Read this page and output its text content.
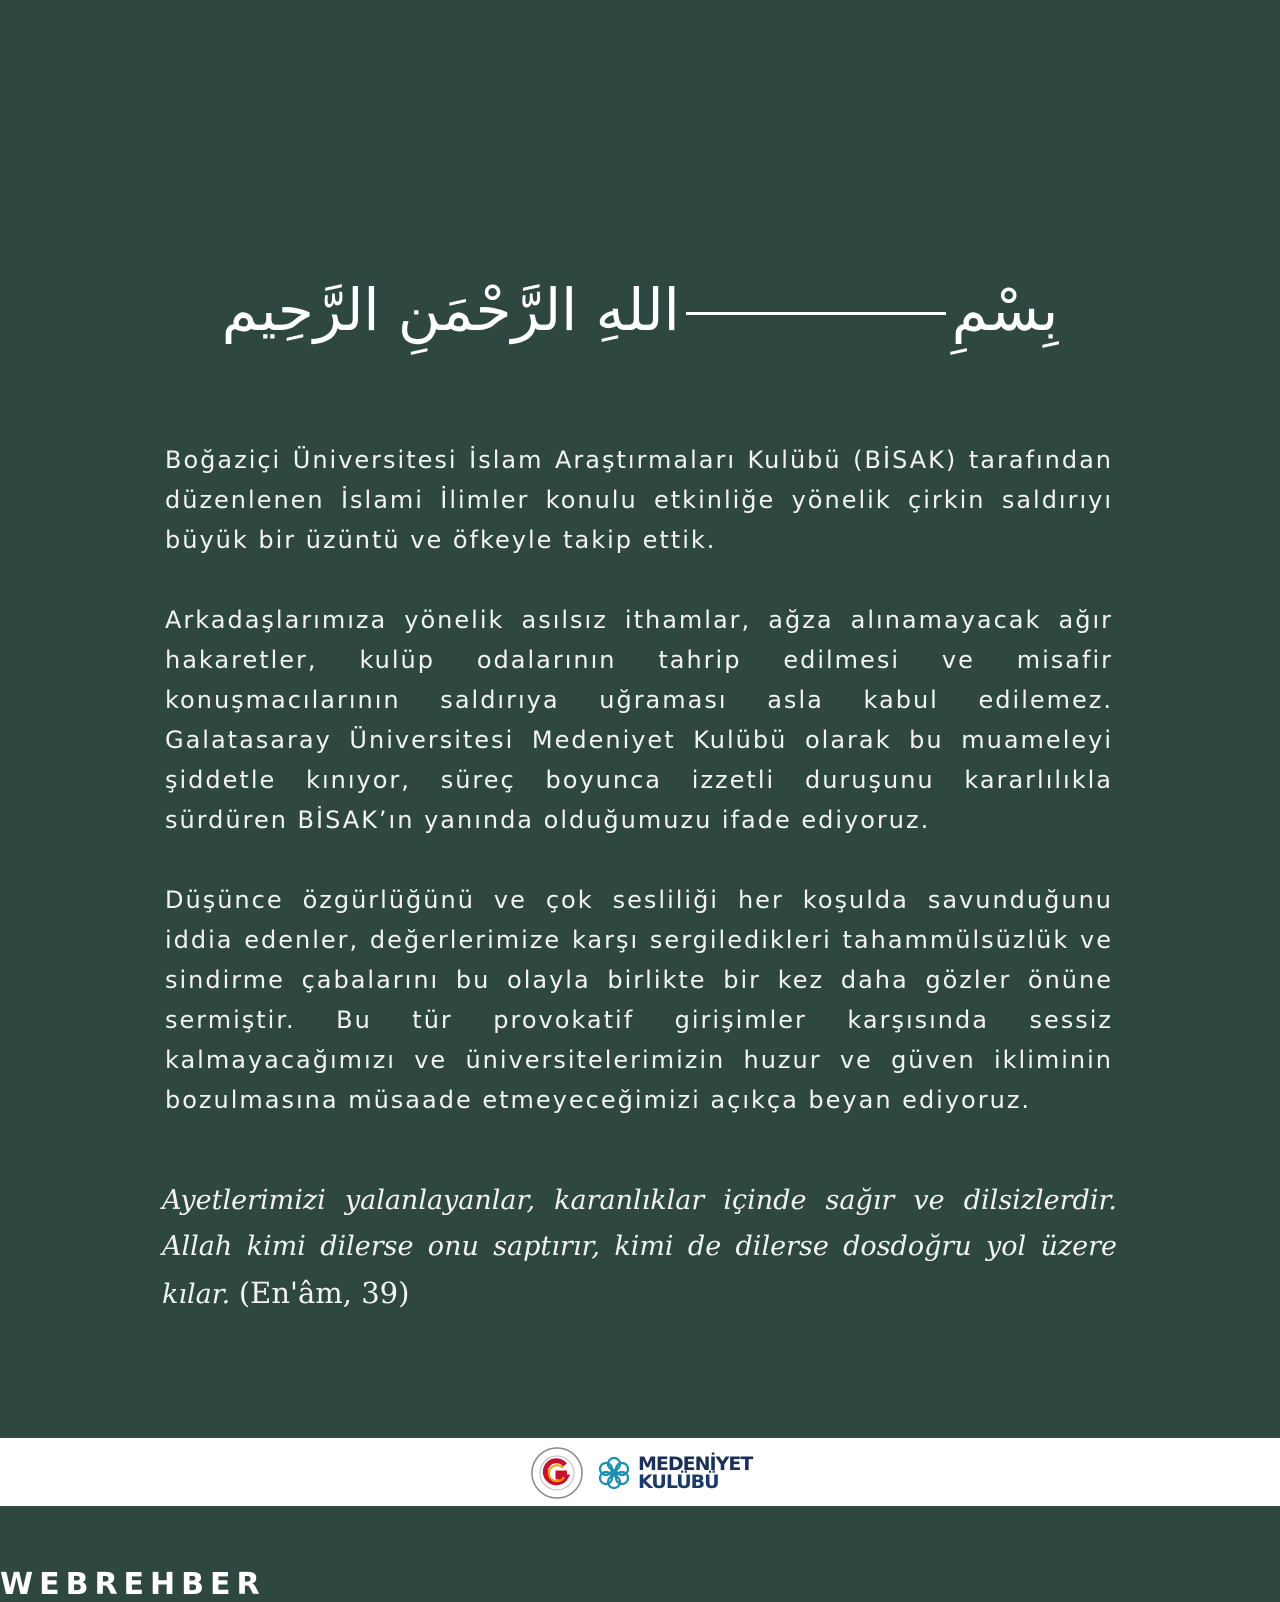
بِسْمِاللهِ الرَّحْمَنِ الرَّحِيم

Boğaziçi Üniversitesi İslam Araştırmaları Kulübü (BİSAK) tarafından düzenlenen İslami İlimler konulu etkinliğe yönelik çirkin saldırıyı büyük bir üzüntü ve öfkeyle takip ettik.

Arkadaşlarımıza yönelik asılsız ithamlar, ağza alınamayacak ağır hakaretler, kulüp odalarının tahrip edilmesi ve misafir konuşmacılarının saldırıya uğraması asla kabul edilemez. Galatasaray Üniversitesi Medeniyet Kulübü olarak bu muameleyi şiddetle kınıyor, süreç boyunca izzetli duruşunu kararlılıkla sürdüren BİSAK’ın yanında olduğumuzu ifade ediyoruz.

Düşünce özgürlüğünü ve çok sesliliği her koşulda savunduğunu iddia edenler, değerlerimize karşı sergiledikleri tahammülsüzlük ve sindirme çabalarını bu olayla birlikte bir kez daha gözler önüne sermiştir. Bu tür provokatif girişimler karşısında sessiz kalmayacağımızı ve üniversitelerimizin huzur ve güven ikliminin bozulmasına müsaade etmeyeceğimizi açıkça beyan ediyoruz.

Ayetlerimizi yalanlayanlar, karanlıklar içinde sağır ve dilsizlerdir. Allah kimi dilerse onu saptırır, kimi de dilerse dosdoğru yol üzere kılar. (En'âm, 39)
MEDENİYET
KULÜBÜ
WEBREHBER
